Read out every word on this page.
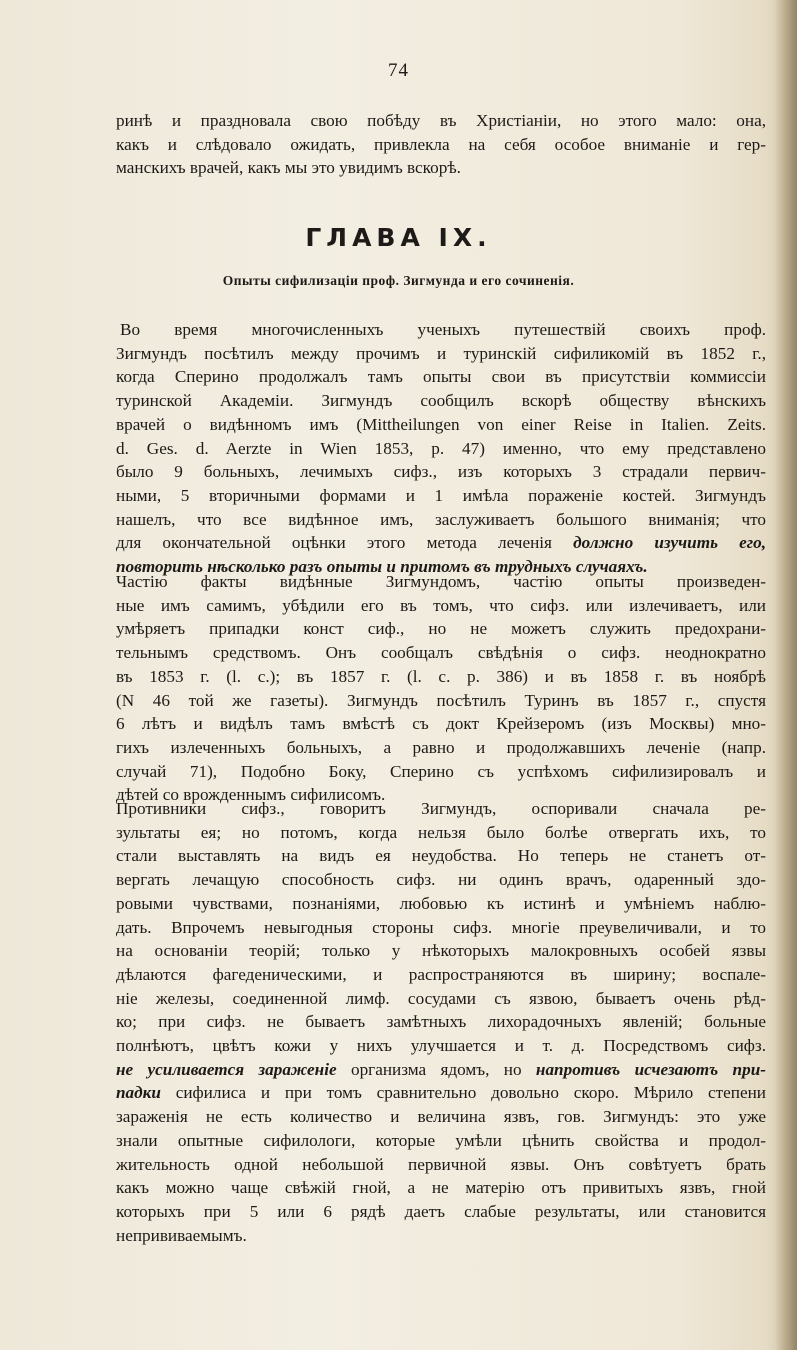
74
ринѣ и праздновала свою побѣду въ Христіаніи, но этого мало: она,
какъ и слѣдовало ожидать, привлекла на себя особое вниманіе и гер-
манскихъ врачей, какъ мы это увидимъ вскорѣ.
ГЛАВА IX.
Опыты сифилизаціи проф. Зигмунда и его сочиненія.
Во время многочисленныхъ ученыхъ путешествій своихъ проф.
Зигмундъ посѣтилъ между прочимъ и туринскій сифиликомій въ 1852 г.,
когда Сперино продолжалъ тамъ опыты свои въ присутствіи коммиссіи
туринской Академіи. Зигмундъ сообщилъ вскорѣ обществу вѣнскихъ
врачей о видѣнномъ имъ (Mittheilungen von einer Reise in Italien. Zeits.
d. Ges. d. Aerzte in Wien 1853, p. 47) именно, что ему представлено
было 9 больныхъ, лечимыхъ сифз., изъ которыхъ 3 страдали первич-
ными, 5 вторичными формами и 1 имѣла пораженіе костей. Зигмундъ
нашелъ, что все видѣнное имъ, заслуживаетъ большого вниманія; что
для окончательной оцѣнки этого метода леченія должно изучить его,
повторить нѣсколько разъ опыты и притомъ въ трудныхъ случаяхъ.
Частію факты видѣнные Зигмундомъ, частію опыты произведен-
ные имъ самимъ, убѣдили его въ томъ, что сифз. или излечиваетъ, или
умѣряетъ припадки конст сиф., но не можетъ служить предохрани-
тельнымъ средствомъ. Онъ сообщалъ свѣдѣнія о сифз. неоднократно
въ 1853 г. (l. c.); въ 1857 г. (l. c. p. 386) и въ 1858 г. въ ноябрѣ
(N 46 той же газеты). Зигмундъ посѣтилъ Туринъ въ 1857 г., спустя
6 лѣтъ и видѣлъ тамъ вмѣстѣ съ докт Крейзеромъ (изъ Москвы) мно-
гихъ излеченныхъ больныхъ, а равно и продолжавшихъ леченіе (напр.
случай 71), Подобно Боку, Сперино съ успѣхомъ сифилизировалъ и
дѣтей со врожденнымъ сифилисомъ.
Противники сифз., говоритъ Зигмундъ, оспоривали сначала ре-
зультаты ея; но потомъ, когда нельзя было болѣе отвергать ихъ, то
стали выставлять на видъ ея неудобства. Но теперь не станетъ от-
вергать лечащую способность сифз. ни одинъ врачъ, одаренный здо-
ровыми чувствами, познаніями, любовью къ истинѣ и умѣніемъ наблю-
дать. Впрочемъ невыгодныя стороны сифз. многіе преувеличивали, и то
на основаніи теорій; только у нѣкоторыхъ малокровныхъ особей язвы
дѣлаются фагеденическими, и распространяются въ ширину; воспале-
ніе железы, соединенной лимф. сосудами съ язвою, бываетъ очень рѣд-
ко; при сифз. не бываетъ замѣтныхъ лихорадочныхъ явленій; больные
полнѣютъ, цвѣтъ кожи у нихъ улучшается и т. д. Посредствомъ сифз.
не усиливается зараженіе организма ядомъ, но напротивъ исчезаютъ при-
падки сифилиса и при томъ сравнительно довольно скоро. Мѣрило степени
зараженія не есть количество и величина язвъ, гов. Зигмундъ: это уже
знали опытные сифилологи, которые умѣли цѣнить свойства и продол-
жительность одной небольшой первичной язвы. Онъ совѣтуетъ брать
какъ можно чаще свѣжій гной, а не матерію отъ привитыхъ язвъ, гной
которыхъ при 5 или 6 рядѣ даетъ слабые результаты, или становится
непрививаемымъ.
